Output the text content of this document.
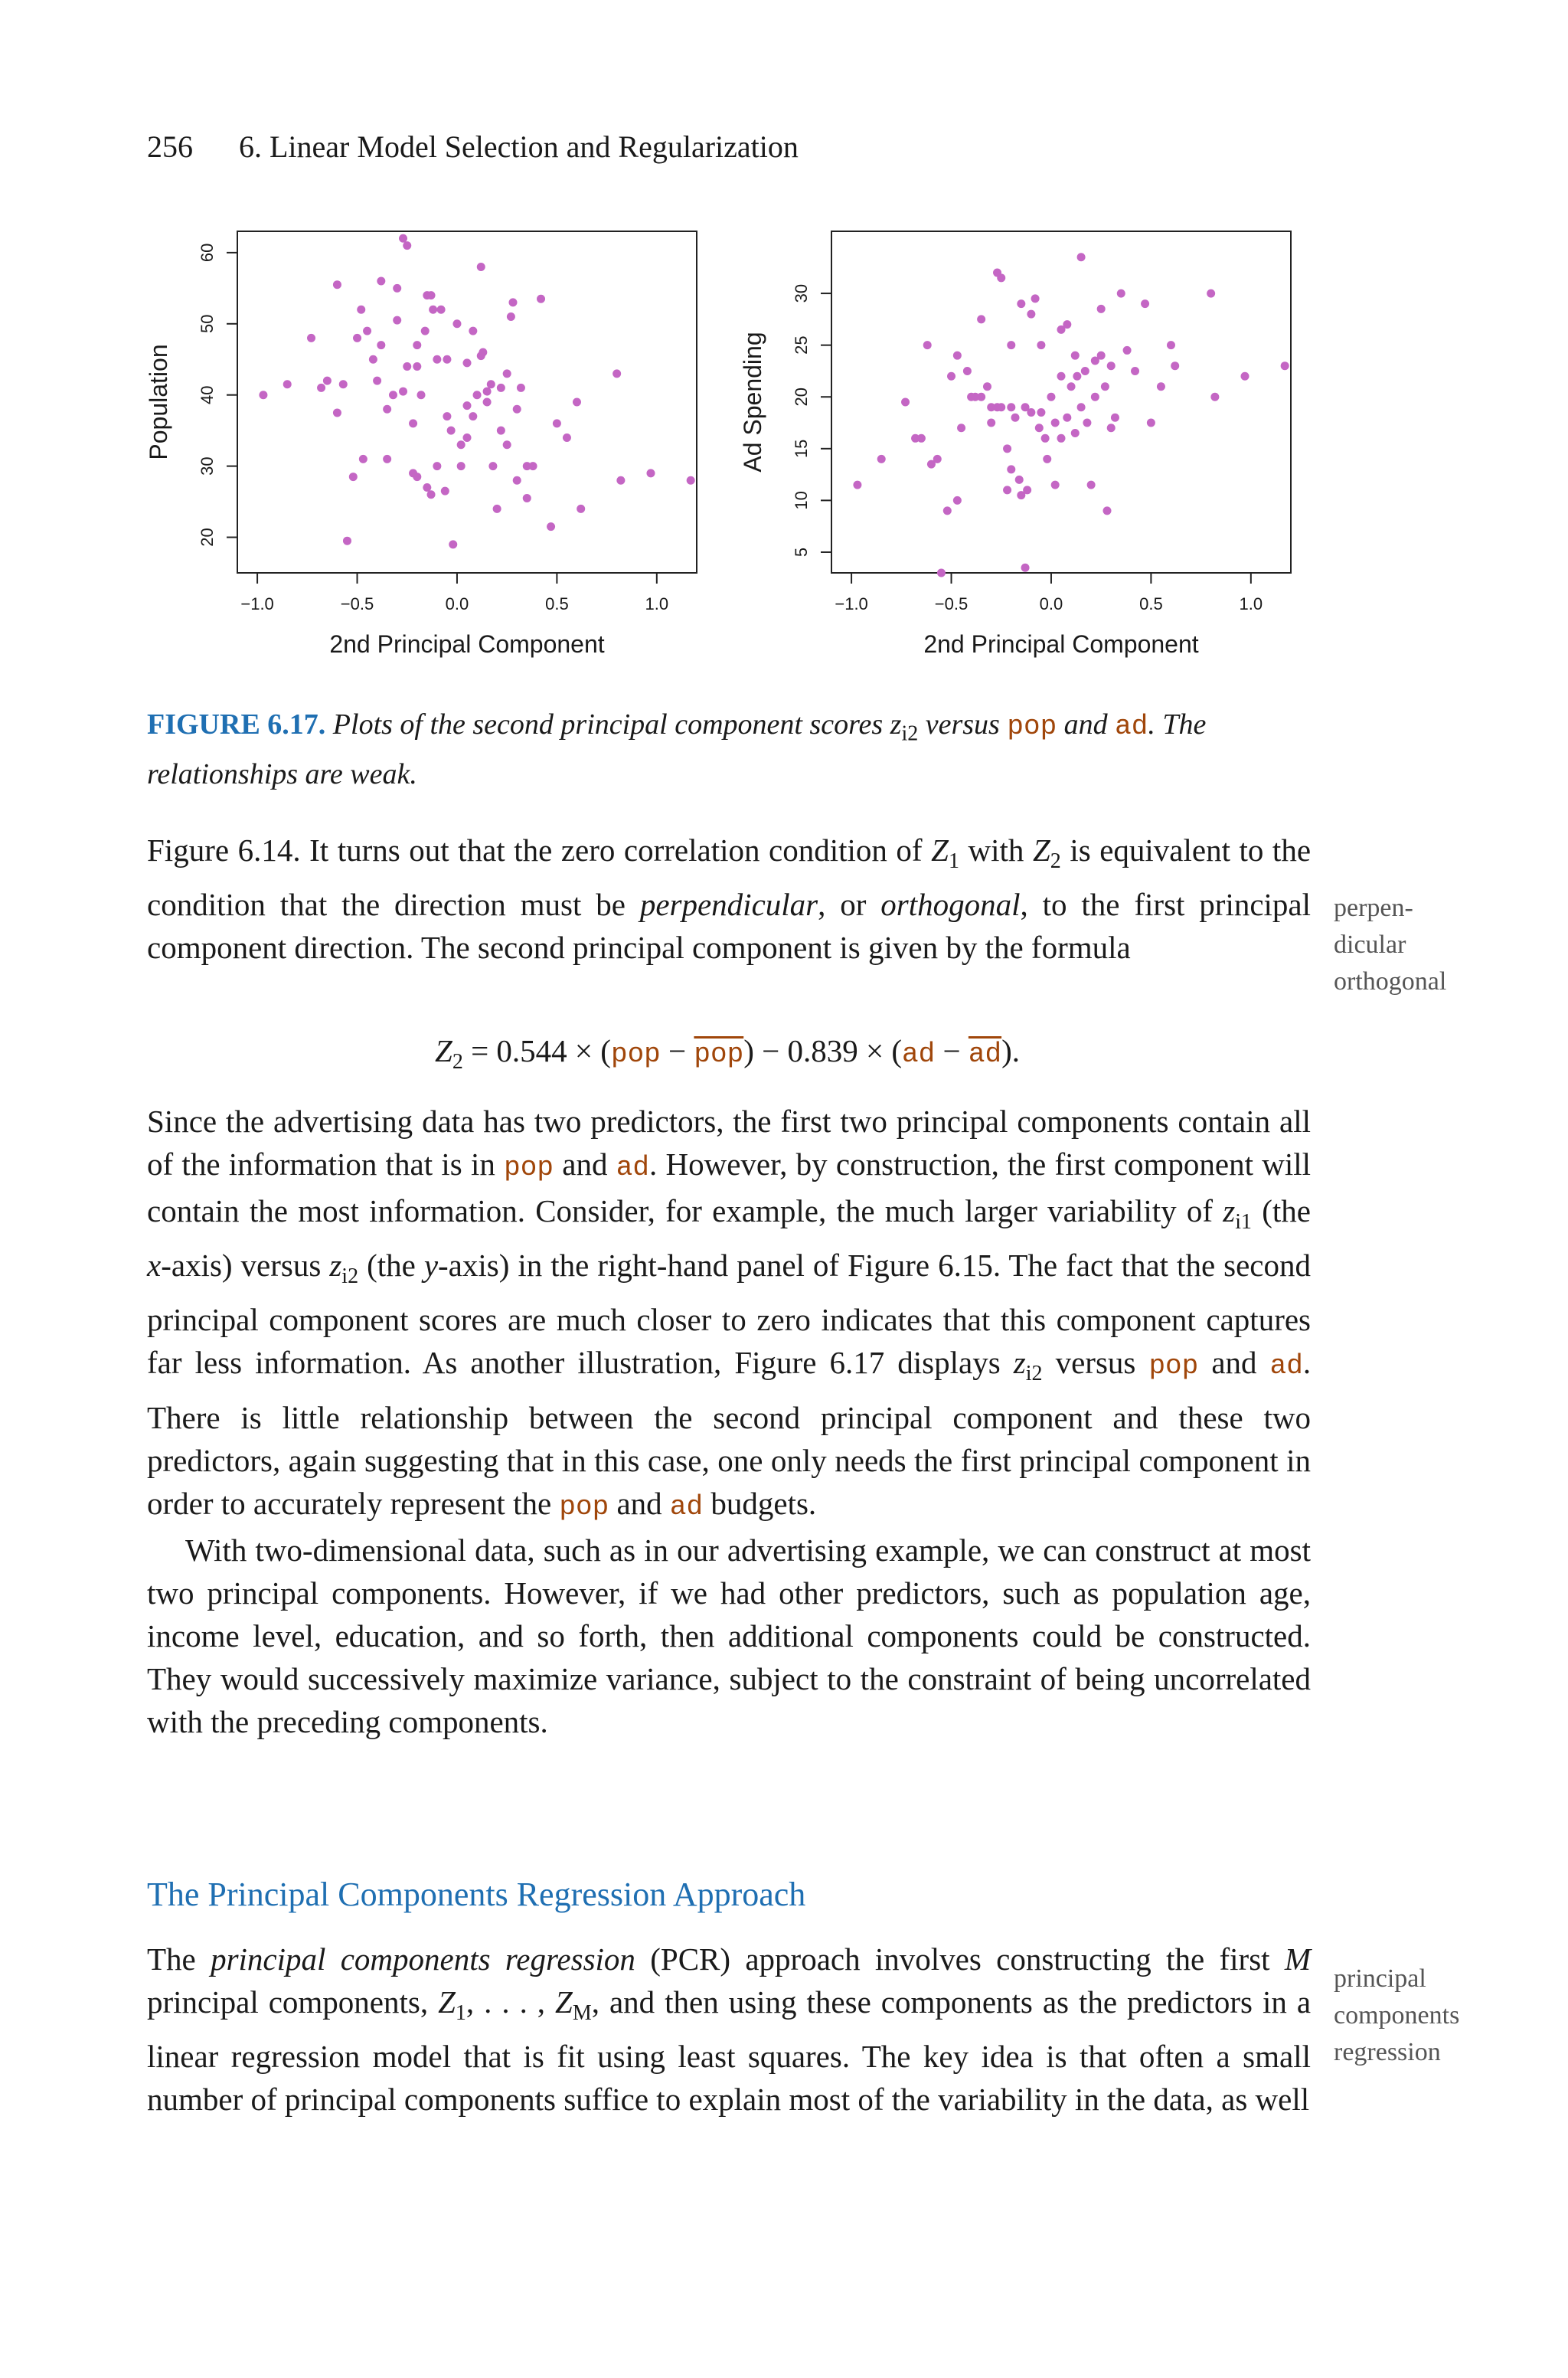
256 6. Linear Model Selection and Regularization
Population
2nd Principal Component
−1.0	−0.5	0.0	0.5	1.0
20
30
40
50
60
Ad Spending
2nd Principal Component
−1.0	−0.5	0.0	0.5	1.0
5
10
15
20
25
30
FIGURE 6.17. Plots of the second principal component scores $z_{i2}$ versus pop and ad. The relationships are weak.

Figure 6.14. It turns out that the zero correlation condition of $Z_1$ with $Z_2$ is equivalent to the condition that the direction must be perpendicular, or orthogonal, to the first principal component direction. The second principal component is given by the formula

perpen-
dicular
orthogonal
$Z_2 = 0.544 \times (pop - \overline{pop}) - 0.839 \times (ad - \overline{ad})$.

Since the advertising data has two predictors, the first two principal components contain all of the information that is in pop and ad. However, by construction, the first component will contain the most information. Consider, for example, the much larger variability of $z_{i1}$ (the x-axis) versus $z_{i2}$ (the y-axis) in the right-hand panel of Figure 6.15. The fact that the second principal component scores are much closer to zero indicates that this component captures far less information. As another illustration, Figure 6.17 displays $z_{i2}$ versus pop and ad. There is little relationship between the second principal component and these two predictors, again suggesting that in this case, one only needs the first principal component in order to accurately represent the pop and ad budgets.

With two-dimensional data, such as in our advertising example, we can construct at most two principal components. However, if we had other predictors, such as population age, income level, education, and so forth, then additional components could be constructed. They would successively maximize variance, subject to the constraint of being uncorrelated with the preceding components.

The Principal Components Regression Approach

The principal components regression (PCR) approach involves constructing the first M principal components, $Z_1$, . . . , $Z_M$, and then using these components as the predictors in a linear regression model that is fit using least squares. The key idea is that often a small number of principal components suffice to explain most of the variability in the data, as well

principal
components
regression
